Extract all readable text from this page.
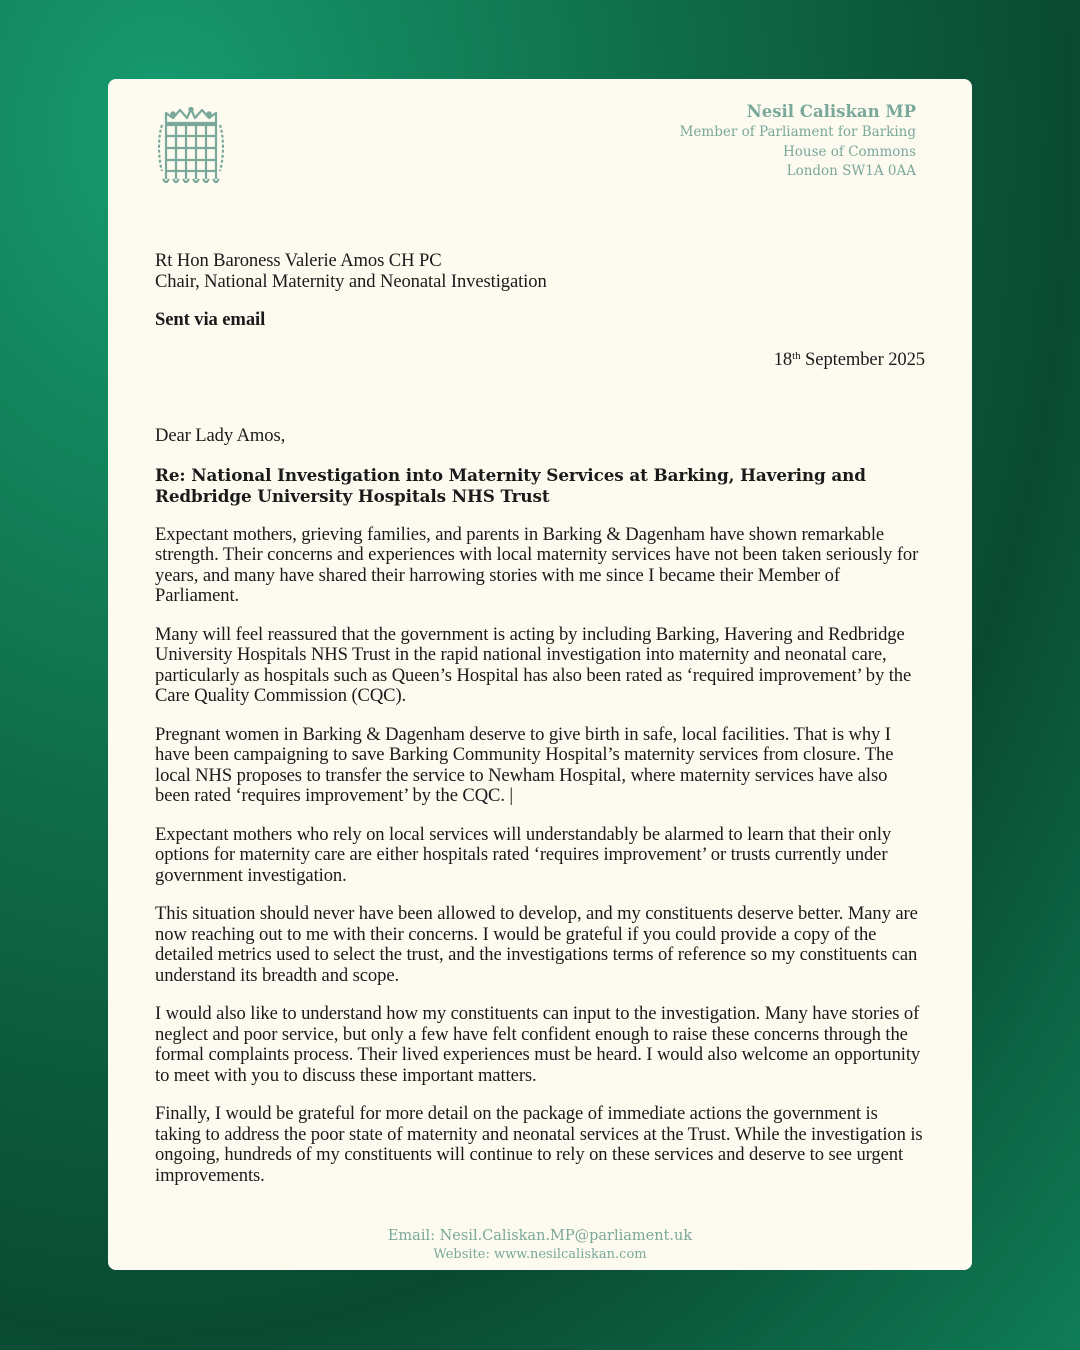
Nesil Caliskan MP
Member of Parliament for Barking
House of Commons
London SW1A 0AA
Rt Hon Baroness Valerie Amos CH PC
Chair, National Maternity and Neonatal Investigation
Sent via email
18th September 2025
Dear Lady Amos,
Re: National Investigation into Maternity Services at Barking, Havering and Redbridge University Hospitals NHS Trust
Expectant mothers, grieving families, and parents in Barking & Dagenham have shown remarkable strength. Their concerns and experiences with local maternity services have not been taken seriously for years, and many have shared their harrowing stories with me since I became their Member of Parliament.
Many will feel reassured that the government is acting by including Barking, Havering and Redbridge University Hospitals NHS Trust in the rapid national investigation into maternity and neonatal care, particularly as hospitals such as Queen’s Hospital has also been rated as ‘required improvement’ by the Care Quality Commission (CQC).
Pregnant women in Barking & Dagenham deserve to give birth in safe, local facilities. That is why I have been campaigning to save Barking Community Hospital’s maternity services from closure. The local NHS proposes to transfer the service to Newham Hospital, where maternity services have also been rated ‘requires improvement’ by the CQC. |
Expectant mothers who rely on local services will understandably be alarmed to learn that their only options for maternity care are either hospitals rated ‘requires improvement’ or trusts currently under government investigation.
This situation should never have been allowed to develop, and my constituents deserve better. Many are now reaching out to me with their concerns. I would be grateful if you could provide a copy of the detailed metrics used to select the trust, and the investigations terms of reference so my constituents can understand its breadth and scope.
I would also like to understand how my constituents can input to the investigation. Many have stories of neglect and poor service, but only a few have felt confident enough to raise these concerns through the formal complaints process. Their lived experiences must be heard. I would also welcome an opportunity to meet with you to discuss these important matters.
Finally, I would be grateful for more detail on the package of immediate actions the government is taking to address the poor state of maternity and neonatal services at the Trust. While the investigation is ongoing, hundreds of my constituents will continue to rely on these services and deserve to see urgent improvements.
Email: Nesil.Caliskan.MP@parliament.uk
Website: www.nesilcaliskan.com
